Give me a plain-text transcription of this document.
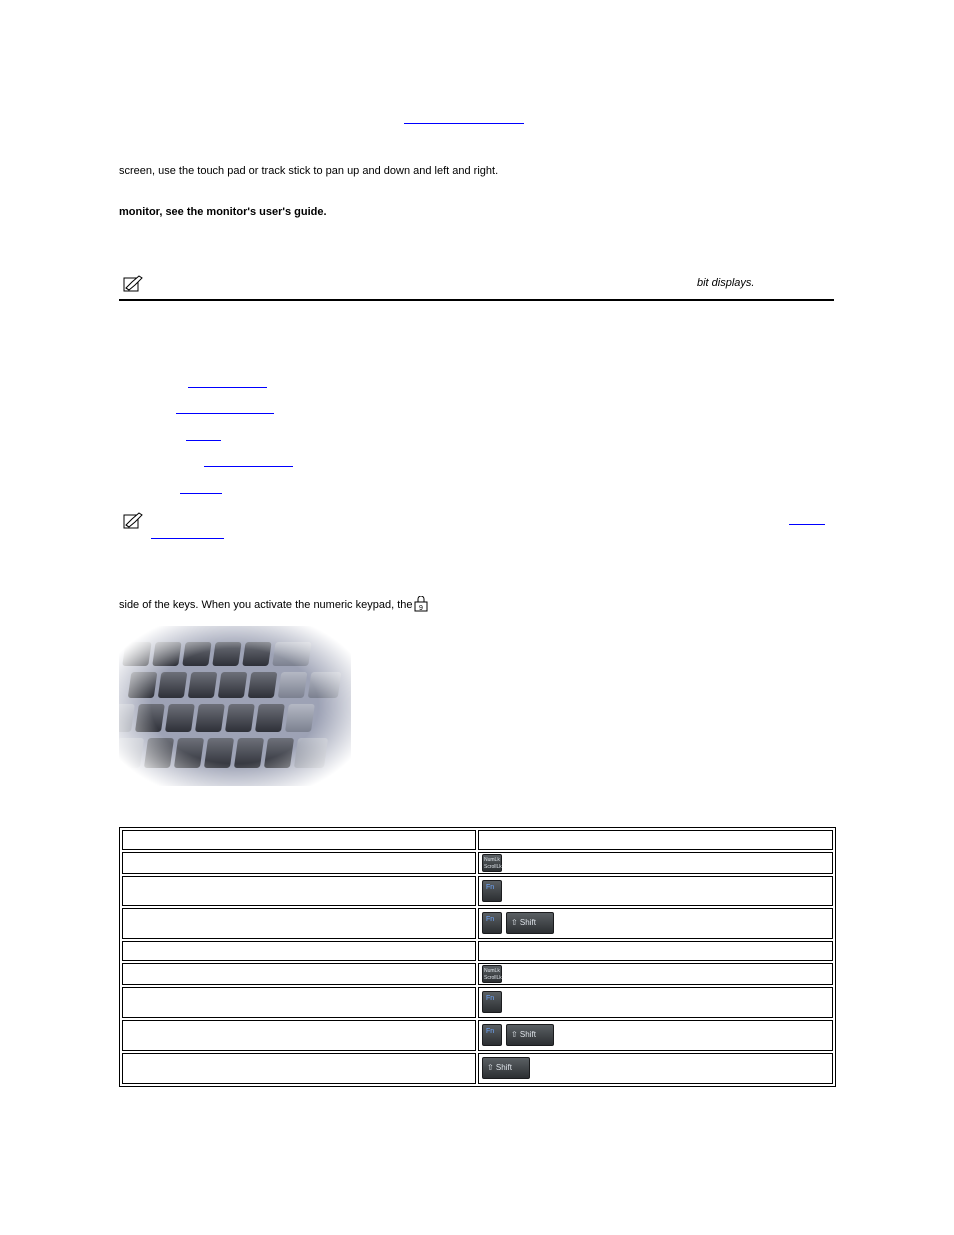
screen, use the touch pad or track stick to pan up and down and left and right.
monitor, see the monitor's user's guide.
bit displays.
side of the keys. When you activate the numeric keypad, the 9
NumLk
ScrollLk
Fn
Fn ⇧ Shift
NumLk
ScrollLk
Fn
Fn ⇧ Shift
⇧ Shift
